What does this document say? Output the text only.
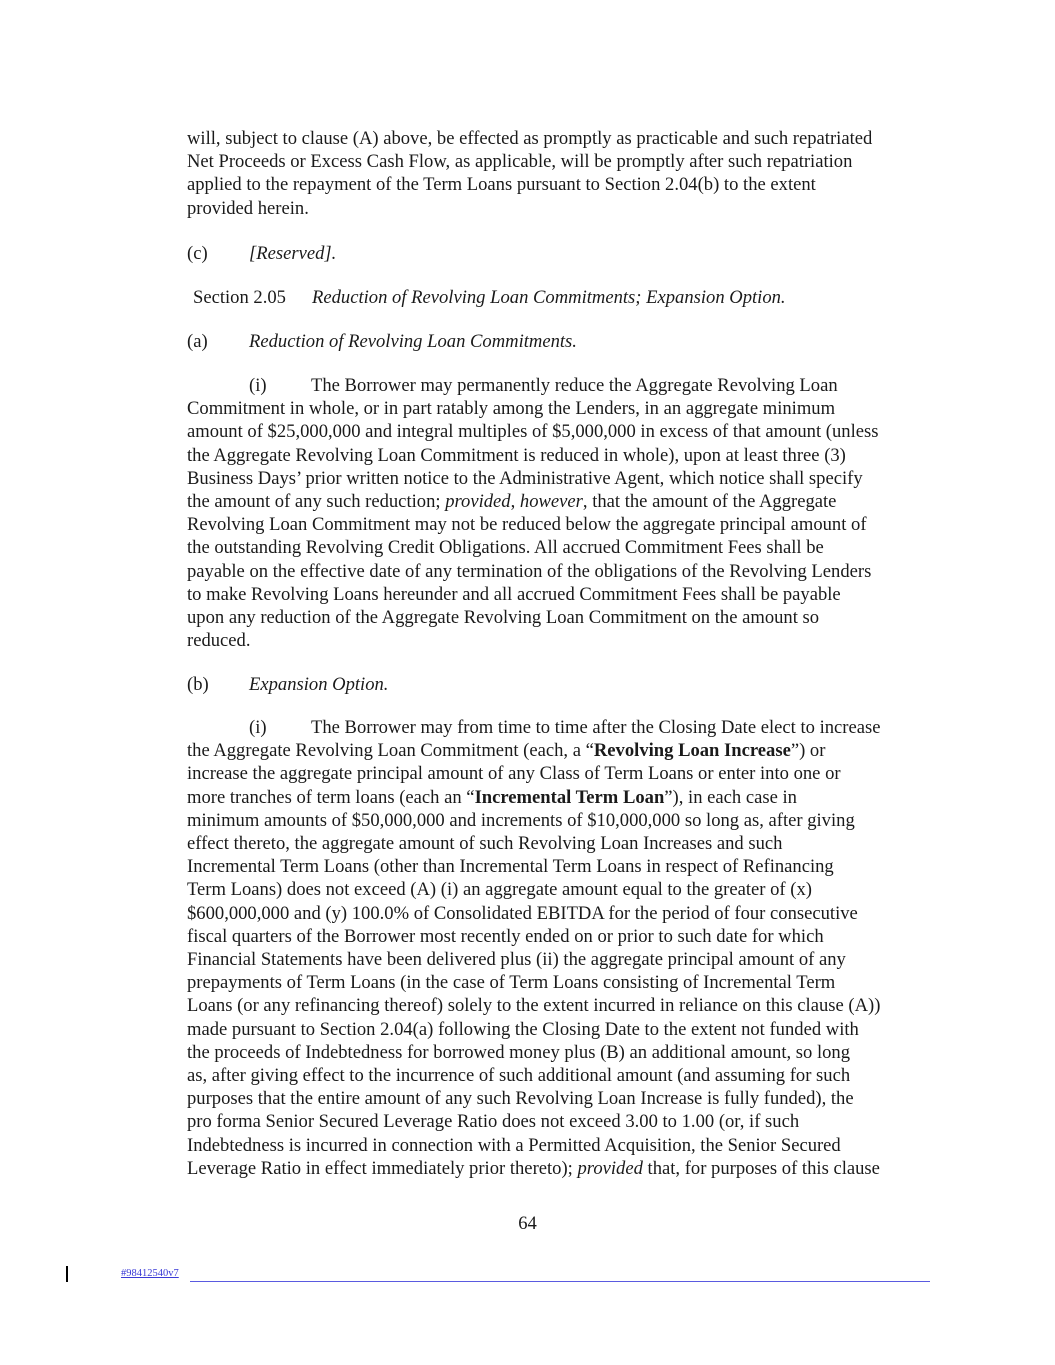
will, subject to clause (A) above, be effected as promptly as practicable and such repatriated
Net Proceeds or Excess Cash Flow, as applicable, will be promptly after such repatriation
applied to the repayment of the Term Loans pursuant to Section 2.04(b) to the extent
provided herein.
(c) [Reserved].
Section 2.05 Reduction of Revolving Loan Commitments; Expansion Option.
(a) Reduction of Revolving Loan Commitments.
(i) The Borrower may permanently reduce the Aggregate Revolving Loan
Commitment in whole, or in part ratably among the Lenders, in an aggregate minimum
amount of $25,000,000 and integral multiples of $5,000,000 in excess of that amount (unless
the Aggregate Revolving Loan Commitment is reduced in whole), upon at least three (3)
Business Days’ prior written notice to the Administrative Agent, which notice shall specify
the amount of any such reduction; provided, however, that the amount of the Aggregate
Revolving Loan Commitment may not be reduced below the aggregate principal amount of
the outstanding Revolving Credit Obligations. All accrued Commitment Fees shall be
payable on the effective date of any termination of the obligations of the Revolving Lenders
to make Revolving Loans hereunder and all accrued Commitment Fees shall be payable
upon any reduction of the Aggregate Revolving Loan Commitment on the amount so
reduced.
(b) Expansion Option.
(i) The Borrower may from time to time after the Closing Date elect to increase
the Aggregate Revolving Loan Commitment (each, a “Revolving Loan Increase”) or
increase the aggregate principal amount of any Class of Term Loans or enter into one or
more tranches of term loans (each an “Incremental Term Loan”), in each case in
minimum amounts of $50,000,000 and increments of $10,000,000 so long as, after giving
effect thereto, the aggregate amount of such Revolving Loan Increases and such
Incremental Term Loans (other than Incremental Term Loans in respect of Refinancing
Term Loans) does not exceed (A) (i) an aggregate amount equal to the greater of (x)
$600,000,000 and (y) 100.0% of Consolidated EBITDA for the period of four consecutive
fiscal quarters of the Borrower most recently ended on or prior to such date for which
Financial Statements have been delivered plus (ii) the aggregate principal amount of any
prepayments of Term Loans (in the case of Term Loans consisting of Incremental Term
Loans (or any refinancing thereof) solely to the extent incurred in reliance on this clause (A))
made pursuant to Section 2.04(a) following the Closing Date to the extent not funded with
the proceeds of Indebtedness for borrowed money plus (B) an additional amount, so long
as, after giving effect to the incurrence of such additional amount (and assuming for such
purposes that the entire amount of any such Revolving Loan Increase is fully funded), the
pro forma Senior Secured Leverage Ratio does not exceed 3.00 to 1.00 (or, if such
Indebtedness is incurred in connection with a Permitted Acquisition, the Senior Secured
Leverage Ratio in effect immediately prior thereto); provided that, for purposes of this clause
64
#98412540v7
